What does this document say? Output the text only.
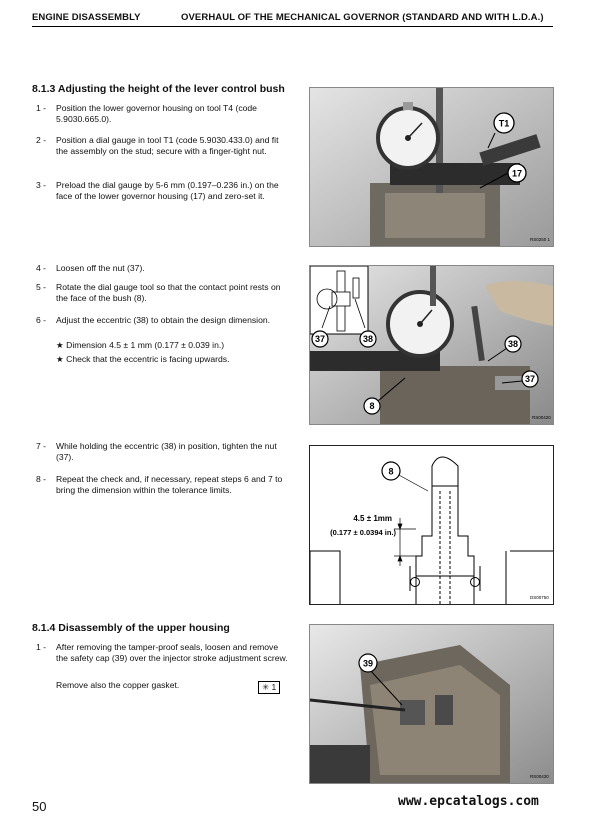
ENGINE DISASSEMBLY	OVERHAUL OF THE MECHANICAL GOVERNOR (STANDARD AND WITH L.D.A.)
8.1.3 Adjusting the height of the lever control bush
1 -	Position the lower governor housing on tool T4 (code 5.9030.665.0).
2 -	Position a dial gauge in tool T1 (code 5.9030.433.0) and fit the assembly on the stud; secure with a finger-tight nut.
3 -	Preload the dial gauge by 5-6 mm (0.197–0.236 in.) on the face of the lower governor housing (17) and zero-set it.
4 -	Loosen off the nut (37).
5 -	Rotate the dial gauge tool so that the contact point rests on the face of the bush (8).
6 -	Adjust the eccentric (38) to obtain the design dimension.
★ Dimension 4.5 ± 1 mm (0.177 ± 0.039 in.)
★ Check that the eccentric is facing upwards.
7 -	While holding the eccentric (38) in position, tighten the nut (37).
8 -	Repeat the check and, if necessary, repeat steps 6 and 7 to bring the dimension within the tolerance limits.
8.1.4 Disassembly of the upper housing
1 -	After removing the tamper-proof seals, loosen and remove the safety cap (39) over the injector stroke adjustment screw.
Remove also the copper gasket.	✳ 1
T1
17
RS0250 1
37	38	38
37
8
RS00420
8
4.5 ± 1mm
(0.177 ± 0.0394 in.)
DS00750
39
RS00430
50	www.epcatalogs.com
